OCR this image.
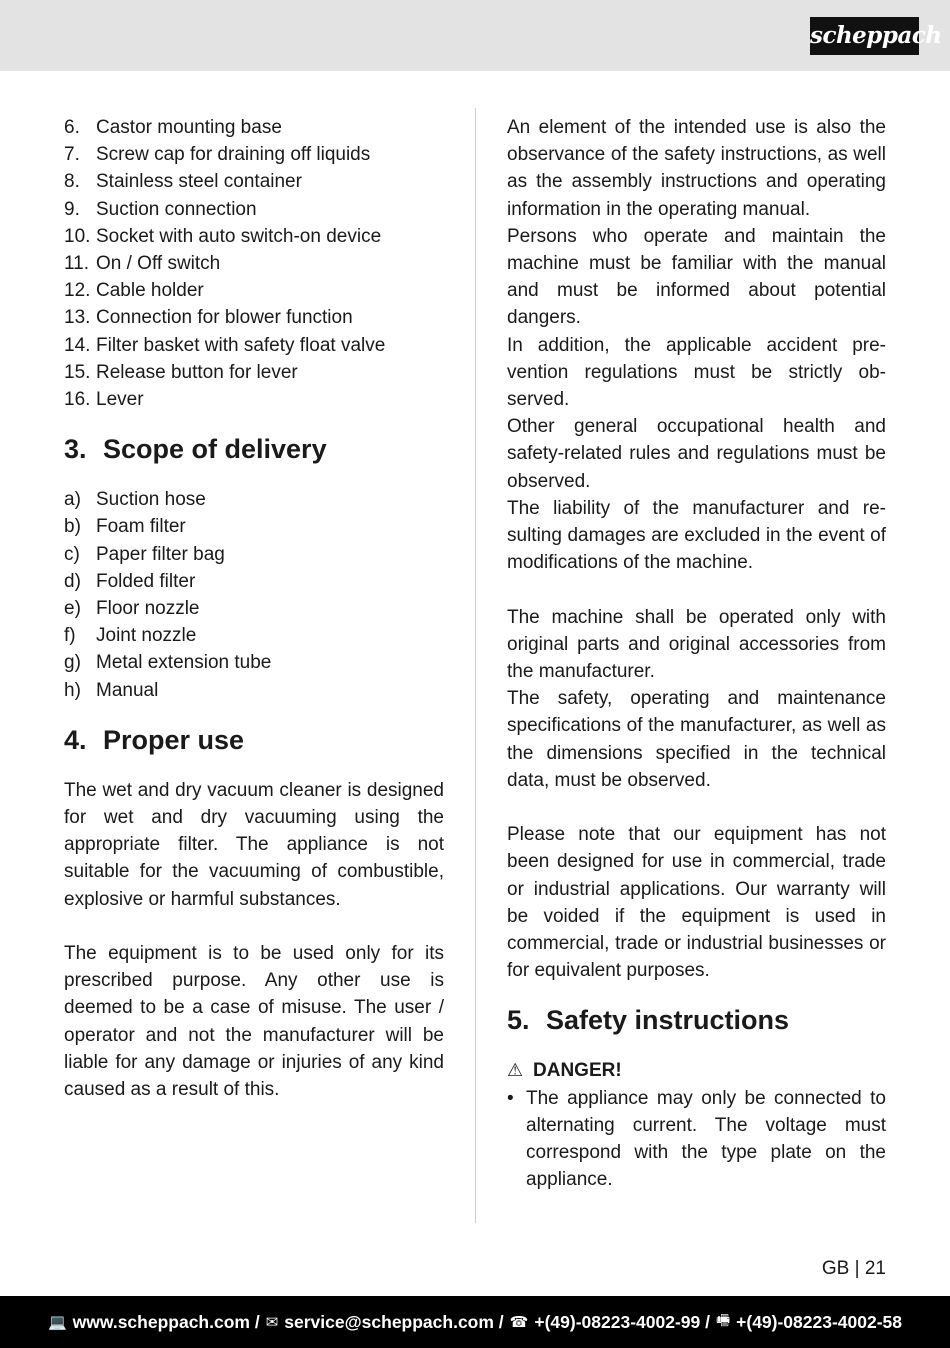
scheppach
6. Castor mounting base
7. Screw cap for draining off liquids
8. Stainless steel container
9. Suction connection
10. Socket with auto switch-on device
11. On / Off switch
12. Cable holder
13. Connection for blower function
14. Filter basket with safety float valve
15. Release button for lever
16. Lever
3. Scope of delivery
a) Suction hose
b) Foam filter
c) Paper filter bag
d) Folded filter
e) Floor nozzle
f)	Joint nozzle
g) Metal extension tube
h) Manual
4. Proper use
The wet and dry vacuum cleaner is designed for wet and dry vacuuming using the appropriate filter. The appliance is not suitable for the vacuuming of combustible, explosive or harmful substances.
The equipment is to be used only for its prescribed purpose. Any other use is deemed to be a case of misuse. The user / operator and not the manufacturer will be liable for any damage or injuries of any kind caused as a result of this.
An element of the intended use is also the observance of the safety instructions, as well as the assembly instructions and operating information in the operating manual.
Persons who operate and maintain the machine must be familiar with the manual and must be informed about potential dangers.
In addition, the applicable accident prevention regulations must be strictly observed.
Other general occupational health and safety-related rules and regulations must be observed.
The liability of the manufacturer and resulting damages are excluded in the event of modifications of the machine.
The machine shall be operated only with original parts and original accessories from the manufacturer.
The safety, operating and maintenance specifications of the manufacturer, as well as the dimensions specified in the technical data, must be observed.
Please note that our equipment has not been designed for use in commercial, trade or industrial applications. Our warranty will be voided if the equipment is used in commercial, trade or industrial businesses or for equivalent purposes.
5. Safety instructions
⚠ DANGER!
• The appliance may only be connected to alternating current. The voltage must correspond with the type plate on the appliance.
GB | 21
💻 www.scheppach.com / ✉ service@scheppach.com / ☎ +(49)-08223-4002-99 / 🖷 +(49)-08223-4002-58
